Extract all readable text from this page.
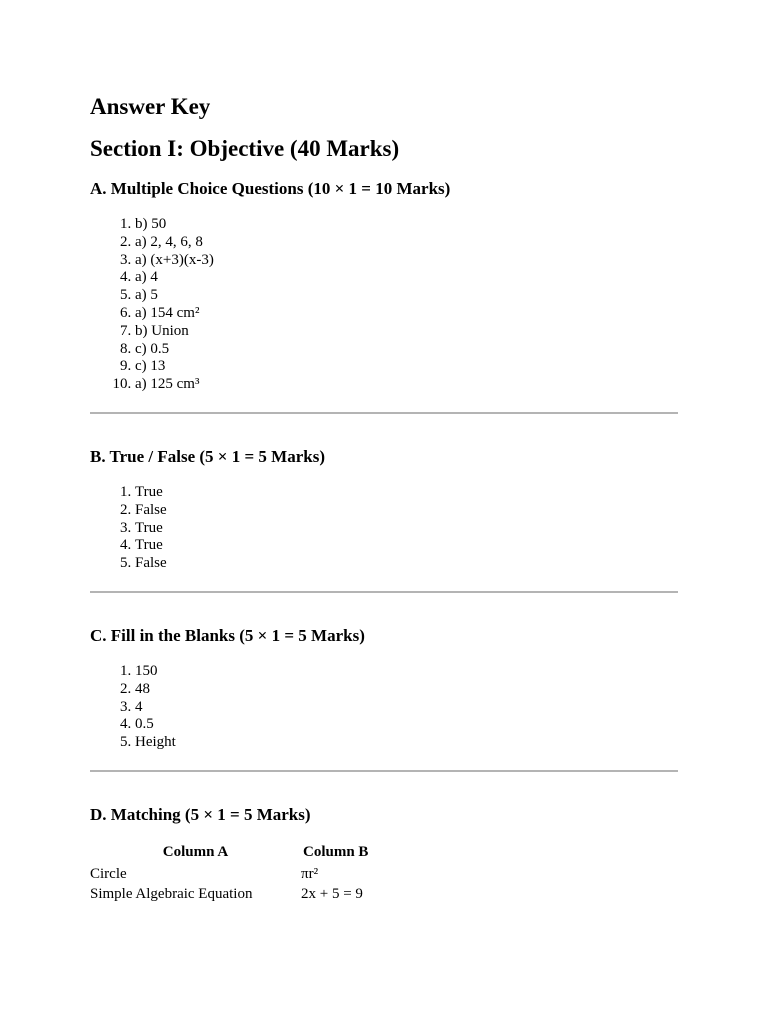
Answer Key
Section I: Objective (40 Marks)
A. Multiple Choice Questions (10 × 1 = 10 Marks)
1. b) 50
2. a) 2, 4, 6, 8
3. a) (x+3)(x-3)
4. a) 4
5. a) 5
6. a) 154 cm²
7. b) Union
8. c) 0.5
9. c) 13
10. a) 125 cm³
B. True / False (5 × 1 = 5 Marks)
1. True
2. False
3. True
4. True
5. False
C. Fill in the Blanks (5 × 1 = 5 Marks)
1. 150
2. 48
3. 4
4. 0.5
5. Height
D. Matching (5 × 1 = 5 Marks)
Column A	Column B
Circle	πr²
Simple Algebraic Equation	2x + 5 = 9
